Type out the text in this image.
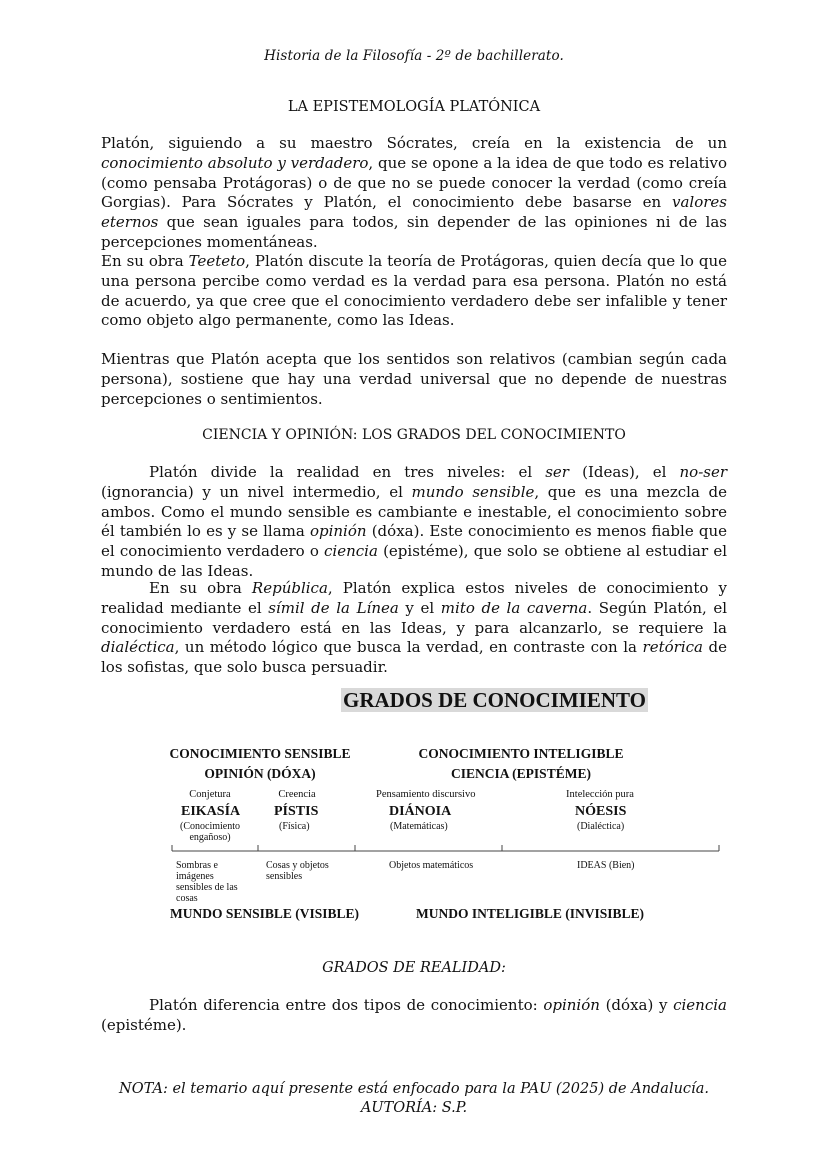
Historia de la Filosofía - 2º de bachillerato.
LA EPISTEMOLOGÍA PLATÓNICA

Platón, siguiendo a su maestro Sócrates, creía en la existencia de un conocimiento absoluto y verdadero, que se opone a la idea de que todo es relativo (como pensaba Protágoras) o de que no se puede conocer la verdad (como creía Gorgias). Para Sócrates y Platón, el conocimiento debe basarse en valores eternos que sean iguales para todos, sin depender de las opiniones ni de las percepciones momentáneas.

En su obra Teeteto, Platón discute la teoría de Protágoras, quien decía que lo que una persona percibe como verdad es la verdad para esa persona. Platón no está de acuerdo, ya que cree que el conocimiento verdadero debe ser infalible y tener como objeto algo permanente, como las Ideas.

Mientras que Platón acepta que los sentidos son relativos (cambian según cada persona), sostiene que hay una verdad universal que no depende de nuestras percepciones o sentimientos.

CIENCIA Y OPINIÓN: LOS GRADOS DEL CONOCIMIENTO

Platón divide la realidad en tres niveles: el ser (Ideas), el no-ser (ignorancia) y un nivel intermedio, el mundo sensible, que es una mezcla de ambos. Como el mundo sensible es cambiante e inestable, el conocimiento sobre él también lo es y se llama opinión (dóxa). Este conocimiento es menos fiable que el conocimiento verdadero o ciencia (epistéme), que solo se obtiene al estudiar el mundo de las Ideas.

En su obra República, Platón explica estos niveles de conocimiento y realidad mediante el símil de la Línea y el mito de la caverna. Según Platón, el conocimiento verdadero está en las Ideas, y para alcanzarlo, se requiere la dialéctica, un método lógico que busca la verdad, en contraste con la retórica de los sofistas, que solo busca persuadir.

GRADOS DE CONOCIMIENTO
CONOCIMIENTO SENSIBLE
OPINIÓN (DÓXA)
CONOCIMIENTO INTELIGIBLE
CIENCIA (EPISTÉME)
Conjetura
EIKASÍA
(Conocimiento engañoso)
Creencia
PÍSTIS
(Física)
Pensamiento discursivo
DIÁNOIA
(Matemáticas)
Intelección pura
NÓESIS
(Dialéctica)
Sombras e imágenes sensibles de las cosas
Cosas y objetos sensibles
Objetos matemáticos	IDEAS (Bien)
MUNDO SENSIBLE (VISIBLE)	MUNDO INTELIGIBLE (INVISIBLE)
GRADOS DE REALIDAD:

Platón diferencia entre dos tipos de conocimiento: opinión (dóxa) y ciencia (epistéme).

NOTA: el temario aquí presente está enfocado para la PAU (2025) de Andalucía.
AUTORÍA: S.P.
